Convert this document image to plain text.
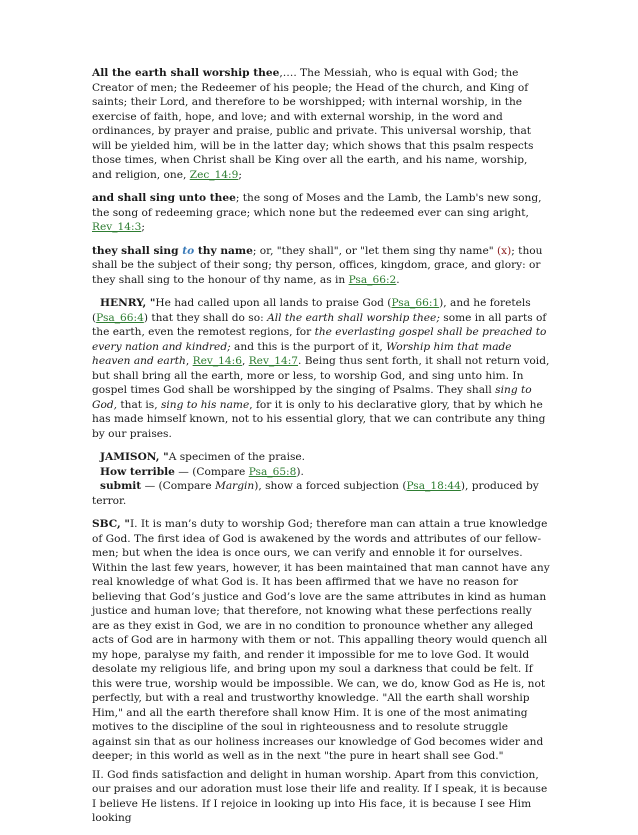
All the earth shall worship thee,…. The Messiah, who is equal with God; the Creator of men; the Redeemer of his people; the Head of the church, and King of saints; their Lord, and therefore to be worshipped; with internal worship, in the exercise of faith, hope, and love; and with external worship, in the word and ordinances, by prayer and praise, public and private. This universal worship, that will be yielded him, will be in the latter day; which shows that this psalm respects those times, when Christ shall be King over all the earth, and his name, worship, and religion, one, Zec_14:9;

and shall sing unto thee; the song of Moses and the Lamb, the Lamb's new song, the song of redeeming grace; which none but the redeemed ever can sing aright, Rev_14:3;

they shall sing to thy name; or, "they shall", or "let them sing thy name" (x); thou shall be the subject of their song; thy person, offices, kingdom, grace, and glory: or they shall sing to the honour of thy name, as in Psa_66:2.

HENRY, "He had called upon all lands to praise God (Psa_66:1), and he foretels (Psa_66:4) that they shall do so: All the earth shall worship thee; some in all parts of the earth, even the remotest regions, for the everlasting gospel shall be preached to every nation and kindred; and this is the purport of it, Worship him that made heaven and earth, Rev_14:6, Rev_14:7. Being thus sent forth, it shall not return void, but shall bring all the earth, more or less, to worship God, and sing unto him. In gospel times God shall be worshipped by the singing of Psalms. They shall sing to God, that is, sing to his name, for it is only to his declarative glory, that by which he has made himself known, not to his essential glory, that we can contribute any thing by our praises.

JAMISON, "A specimen of the praise.

How terrible — (Compare Psa_65:8).

submit — (Compare Margin), show a forced subjection (Psa_18:44), produced by terror.

SBC, "I. It is man’s duty to worship God; therefore man can attain a true knowledge of God. The first idea of God is awakened by the words and attributes of our fellow-men; but when the idea is once ours, we can verify and ennoble it for ourselves. Within the last few years, however, it has been maintained that man cannot have any real knowledge of what God is. It has been affirmed that we have no reason for believing that God’s justice and God’s love are the same attributes in kind as human justice and human love; that therefore, not knowing what these perfections really are as they exist in God, we are in no condition to pronounce whether any alleged acts of God are in harmony with them or not. This appalling theory would quench all my hope, paralyse my faith, and render it impossible for me to love God. It would desolate my religious life, and bring upon my soul a darkness that could be felt. If this were true, worship would be impossible. We can, we do, know God as He is, not perfectly, but with a real and trustworthy knowledge. "All the earth shall worship Him," and all the earth therefore shall know Him. It is one of the most animating motives to the discipline of the soul in righteousness and to resolute struggle against sin that as our holiness increases our knowledge of God becomes wider and deeper; in this world as well as in the next "the pure in heart shall see God."

II. God finds satisfaction and delight in human worship. Apart from this conviction, our praises and our adoration must lose their life and reality. If I speak, it is because I believe He listens. If I rejoice in looking up into His face, it is because I see Him looking
